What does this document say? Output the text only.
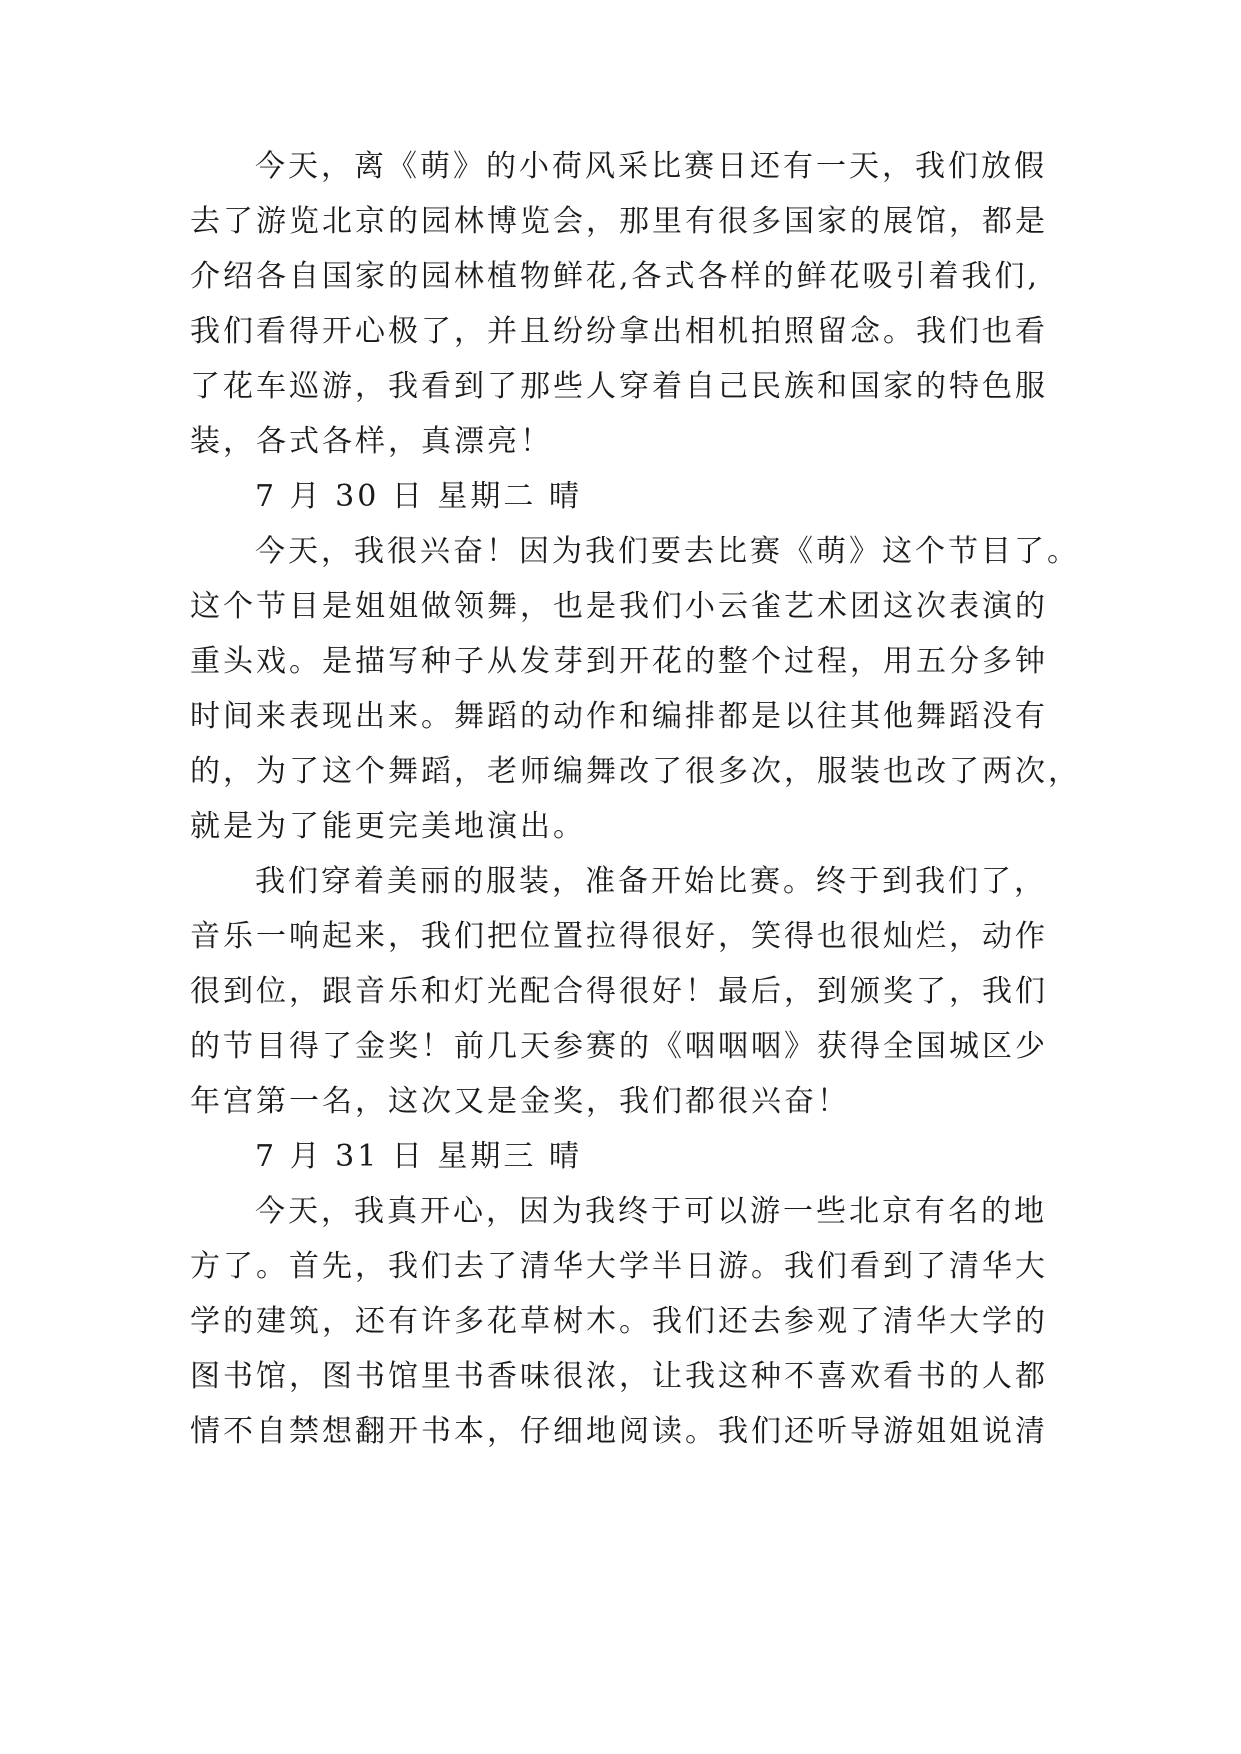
今天，离《萌》的小荷风采比赛日还有一天，我们放假
去了游览北京的园林博览会，那里有很多国家的展馆，都是
介绍各自国家的园林植物鲜花,各式各样的鲜花吸引着我们,
我们看得开心极了，并且纷纷拿出相机拍照留念。我们也看
了花车巡游，我看到了那些人穿着自己民族和国家的特色服
装，各式各样，真漂亮！
7 月 30 日 星期二 晴
今天，我很兴奋！因为我们要去比赛《萌》这个节目了。
这个节目是姐姐做领舞，也是我们小云雀艺术团这次表演的
重头戏。是描写种子从发芽到开花的整个过程，用五分多钟
时间来表现出来。舞蹈的动作和编排都是以往其他舞蹈没有
的，为了这个舞蹈，老师编舞改了很多次，服装也改了两次，
就是为了能更完美地演出。
我们穿着美丽的服装，准备开始比赛。终于到我们了，
音乐一响起来，我们把位置拉得很好，笑得也很灿烂，动作
很到位，跟音乐和灯光配合得很好！最后，到颁奖了，我们
的节目得了金奖！前几天参赛的《咽咽咽》获得全国城区少
年宫第一名，这次又是金奖，我们都很兴奋！
7 月 31 日 星期三 晴
今天，我真开心，因为我终于可以游一些北京有名的地
方了。首先，我们去了清华大学半日游。我们看到了清华大
学的建筑，还有许多花草树木。我们还去参观了清华大学的
图书馆，图书馆里书香味很浓，让我这种不喜欢看书的人都
情不自禁想翻开书本，仔细地阅读。我们还听导游姐姐说清
